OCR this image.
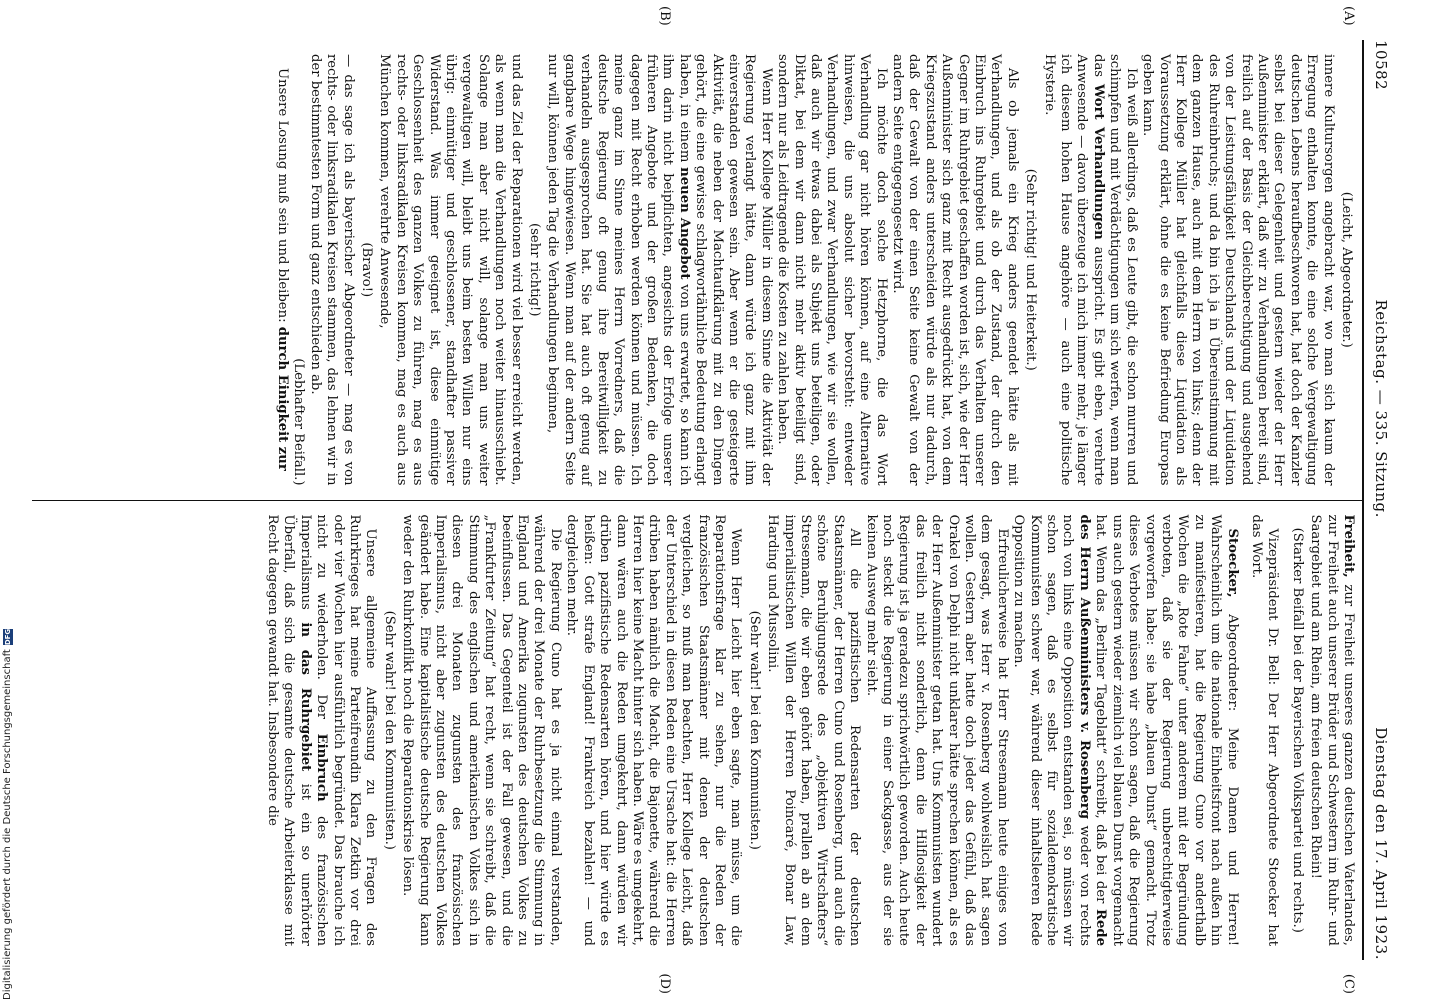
10582
Reichstag. — 335. Sitzung.
Dienstag den 17. April 1923.
(A)
(B)

(Leicht, Abgeordneter.)

innere Kultursorgen angebracht war, wo man sich kaum der Erregung enthalten konnte, die eine solche Vergewaltigung deutschen Lebens heraufbeschworen hat, hat doch der Kanzler selbst bei dieser Gelegenheit und gestern wieder der Herr Außenminister erklärt, daß wir zu Verhandlungen bereit sind, freilich auf der Basis der Gleichberechtigung und ausgehend von der Leistungsfähigkeit Deutschlands und der Liquidation des Ruhreinbruchs; und da bin ich ja in Übereinstimmung mit dem ganzen Hause, auch mit dem Herrn von links; denn der Herr Kollege Müller hat gleichfalls diese Liquidation als Voraussetzung erklärt, ohne die es keine Befriedung Europas geben kann.

Ich weiß allerdings, daß es Leute gibt, die schon murren und schimpfen und mit Verdächtigungen um sich werfen, wenn man das Wort Verhandlungen ausspricht. Es gibt eben, verehrte Anwesende — davon überzeuge ich mich immer mehr, je länger ich diesem hohen Hause angehöre — auch eine politische Hysterie.

(Sehr richtig! und Heiterkeit.)

Als ob jemals ein Krieg anders geendet hätte als mit Verhandlungen, und als ob der Zustand, der durch den Einbruch ins Ruhrgebiet und durch das Verhalten unserer Gegner im Ruhrgebiet geschaffen worden ist, sich, wie der Herr Außenminister sich ganz mit Recht ausgedrückt hat, von dem Kriegszustand anders unterscheiden würde als nur dadurch, daß der Gewalt von der einen Seite keine Gewalt von der andern Seite entgegengesetzt wird.

Ich möchte doch solche Hetzphorne, die das Wort Verhandlung gar nicht hören können, auf eine Alternative hinweisen, die uns absolut sicher bevorsteht: entweder Verhandlungen, und zwar Verhandlungen, wie wir sie wollen, daß auch wir etwas dabei als Subjekt uns beteiligen, oder Diktat, bei dem wir dann nicht mehr aktiv beteiligt sind, sondern nur als Leidtragende die Kosten zu zahlen haben.

Wenn Herr Kollege Müller in diesem Sinne die Aktivität der Regierung verlangt hätte, dann würde ich ganz mit ihm einverstanden gewesen sein. Aber wenn er die gesteigerte Aktivität, die neben der Machtaufklärung mit zu den Dingen gehört, die eine gewisse schlagwortähnliche Bedeutung erlangt haben, in einem neuen Angebot von uns erwartet, so kann ich ihm darin nicht beipflichten, angesichts der Erfolge unserer früheren Angebote und der großen Bedenken, die doch dagegen mit Recht erhoben werden können und müssen. Ich meine ganz im Sinne meines Herrn Vorredners, daß die deutsche Regierung oft genug ihre Bereitwilligkeit zu verhandeln ausgesprochen hat. Sie hat auch oft genug auf gangbare Wege hingewiesen. Wenn man auf der andern Seite nur will, können jeden Tag die Verhandlungen beginnen,

(sehr richtig!)

und das Ziel der Reparationen wird viel besser erreicht werden, als wenn man die Verhandlungen noch weiter hinausschiebt. Solange man aber nicht will, solange man uns weiter vergewaltigen will, bleibt uns beim besten Willen nur eins übrig: einmütiger und geschlossener, standhafter passiver Widerstand. Was immer geeignet ist, diese einmütige Geschlossenheit des ganzen Volkes zu führen, mag es aus rechts- oder linksradikalen Kreisen kommen, mag es auch aus München kommen, verehrte Anwesende,

(Bravo!)

— das sage ich als bayerischer Abgeordneter — mag es von rechts- oder linksradikalen Kreisen stammen, das lehnen wir in der bestimmtesten Form und ganz entschieden ab.

(Lebhafter Beifall.)

Unsere Losung muß sein und bleiben: durch Einigkeit zur

(C)
(D)

Freiheit, zur Freiheit unseres ganzen deutschen Vaterlandes, zur Freiheit auch unserer Brüder und Schwestern im Ruhr- und Saargebiet und am Rhein, am freien deutschen Rhein!

(Starker Beifall bei der Bayerischen Volkspartei und rechts.)

Vizepräsident Dr. Bell: Der Herr Abgeordnete Stoecker hat das Wort.

Stoecker, Abgeordneter: Meine Damen und Herren! Wahrscheinlich um die nationale Einheitsfront nach außen hin zu manifestieren, hat die Regierung Cuno vor anderthalb Wochen die „Rote Fahne“ unter anderem mit der Begründung verboten, daß sie der Regierung unberechtigterweise vorgeworfen habe: sie habe „blauen Dunst“ gemacht. Trotz dieses Verbotes müssen wir schon sagen, daß die Regierung uns auch gestern wieder ziemlich viel blauen Dunst vorgemacht hat. Wenn das „Berliner Tageblatt“ schreibt, daß bei der Rede des Herrn Außenministers v. Rosenberg weder von rechts noch von links eine Opposition entstanden sei, so müssen wir schon sagen, daß es selbst für sozialdemokratische Kommunisten schwer war, während dieser inhaltsleeren Rede Opposition zu machen.

Erfreulicherweise hat Herr Stresemann heute einiges von dem gesagt, was Herr v. Rosenberg wohlweislich hat sagen wollen. Gestern aber hatte doch jeder das Gefühl, daß das Orakel von Delphi nicht unklarer hätte sprechen können, als es der Herr Außenminister getan hat. Uns Kommunisten wundert das freilich nicht sonderlich, denn die Hilflosigkeit der Regierung ist ja geradezu sprichwörtlich geworden. Auch heute noch steckt die Regierung in einer Sackgasse, aus der sie keinen Ausweg mehr sieht.

All die pazifistischen Redensarten der deutschen Staatsmänner, der Herren Cuno und Rosenberg, und auch die schöne Beruhigungsrede des „objektiven Wirtschafters“ Stresemann, die wir eben gehört haben, prallen ab an dem imperialistischen Willen der Herren Poincaré, Bonar Law, Harding und Mussolini.

(Sehr wahr! bei den Kommunisten.)

Wenn Herr Leicht hier eben sagte, man müsse, um die Reparationsfrage klar zu sehen, nur die Reden der französischen Staatsmänner mit denen der deutschen vergleichen, so muß man beachten, Herr Kollege Leicht, daß der Unterschied in diesen Reden eine Ursache hat: die Herren drüben haben nämlich die Macht, die Bajonette, während die Herren hier keine Macht hinter sich haben. Wäre es umgekehrt, dann wären auch die Reden umgekehrt, dann würden wir drüben pazifistische Redensarten hören, und hier würde es heißen: Gott strafe England! Frankreich bezahlen! — und dergleichen mehr.

Die Regierung Cuno hat es ja nicht einmal verstanden, während der drei Monate der Ruhrbesetzung die Stimmung in England und Amerika zugunsten des deutschen Volkes zu beeinflussen. Das Gegenteil ist der Fall gewesen, und die „Frankfurter Zeitung“ hat recht, wenn sie schreibt, daß die Stimmung des englischen und amerikanischen Volkes sich in diesen drei Monaten zugunsten des französischen Imperialismus, nicht aber zugunsten des deutschen Volkes geändert habe. Eine kapitalistische deutsche Regierung kann weder den Ruhrkonflikt noch die Reparationskrise lösen.

(Sehr wahr! bei den Kommunisten.)

Unsere allgemeine Auffassung zu den Fragen des Ruhrkrieges hat meine Parteifreundin Klara Zetkin vor drei oder vier Wochen hier ausführlich begründet. Das brauche ich nicht zu wiederholen. Der Einbruch des französischen Imperialismus in das Ruhrgebiet ist ein so unerhörter Überfall, daß sich die gesamte deutsche Arbeiterklasse mit Recht dagegen gewandt hat. Insbesondere die

Digitalisierung gefördert durch die Deutsche Forschungsgemeinschaft
DFG
